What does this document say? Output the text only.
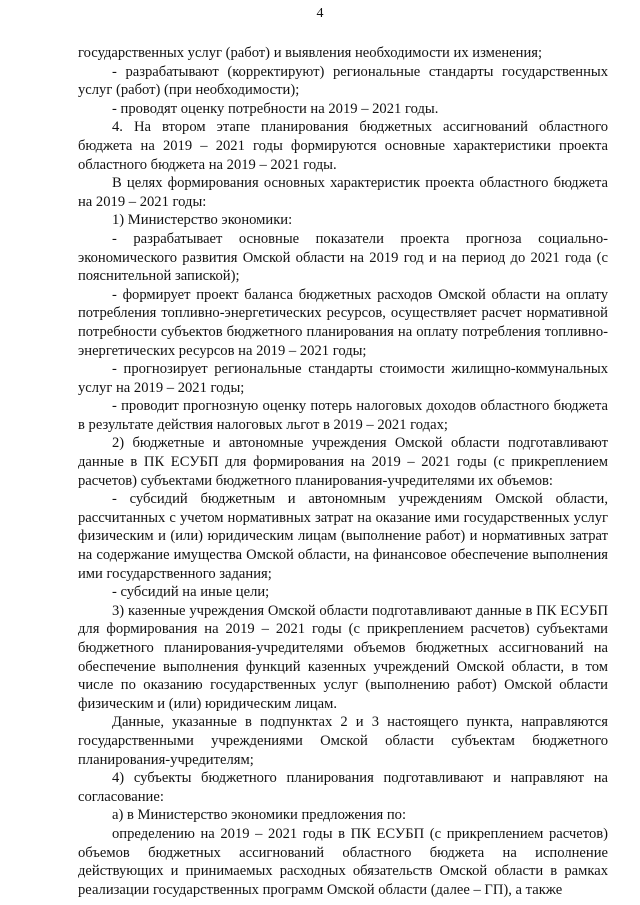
4

государственных услуг (работ) и выявления необходимости их изменения;

- разрабатывают (корректируют) региональные стандарты государственных услуг (работ) (при необходимости);

- проводят оценку потребности на 2019 – 2021 годы.

4. На втором этапе планирования бюджетных ассигнований областного бюджета на 2019 – 2021 годы формируются основные характеристики проекта областного бюджета на 2019 – 2021 годы.

В целях формирования основных характеристик проекта областного бюджета на 2019 – 2021 годы:

1) Министерство экономики:

- разрабатывает основные показатели проекта прогноза социально-экономического развития Омской области на 2019 год и на период до 2021 года (с пояснительной запиской);

- формирует проект баланса бюджетных расходов Омской области на оплату потребления топливно-энергетических ресурсов, осуществляет расчет нормативной потребности субъектов бюджетного планирования на оплату потребления топливно-энергетических ресурсов на 2019 – 2021 годы;

- прогнозирует региональные стандарты стоимости жилищно-коммунальных услуг на 2019 – 2021 годы;

- проводит прогнозную оценку потерь налоговых доходов областного бюджета в результате действия налоговых льгот в 2019 – 2021 годах;

2) бюджетные и автономные учреждения Омской области подготавливают данные в ПК ЕСУБП для формирования на 2019 – 2021 годы (с прикреплением расчетов) субъектами бюджетного планирования-учредителями их объемов:

- субсидий бюджетным и автономным учреждениям Омской области, рассчитанных с учетом нормативных затрат на оказание ими государственных услуг физическим и (или) юридическим лицам (выполнение работ) и нормативных затрат на содержание имущества Омской области, на финансовое обеспечение выполнения ими государственного задания;

- субсидий на иные цели;

3) казенные учреждения Омской области подготавливают данные в ПК ЕСУБП для формирования на 2019 – 2021 годы (с прикреплением расчетов) субъектами бюджетного планирования-учредителями объемов бюджетных ассигнований на обеспечение выполнения функций казенных учреждений Омской области, в том числе по оказанию государственных услуг (выполнению работ) Омской области физическим и (или) юридическим лицам.

Данные, указанные в подпунктах 2 и 3 настоящего пункта, направляются государственными учреждениями Омской области субъектам бюджетного планирования-учредителям;

4) субъекты бюджетного планирования подготавливают и направляют на согласование:

а) в Министерство экономики предложения по:

определению на 2019 – 2021 годы в ПК ЕСУБП (с прикреплением расчетов) объемов бюджетных ассигнований областного бюджета на исполнение действующих и принимаемых расходных обязательств Омской области в рамках реализации государственных программ Омской области (далее – ГП), а также
